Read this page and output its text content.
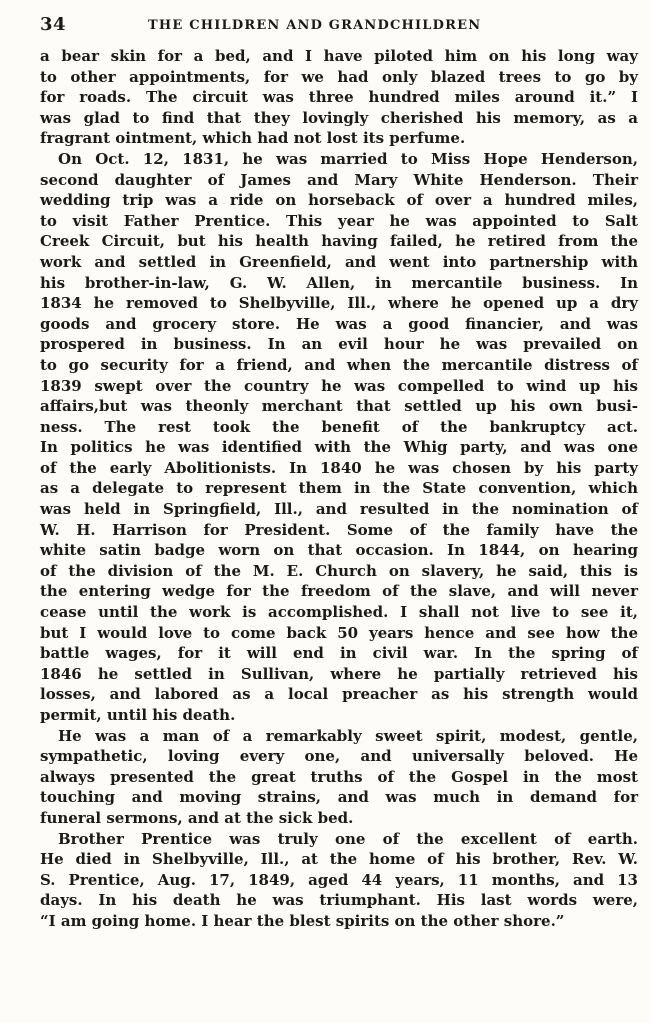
34	THE CHILDREN AND GRANDCHILDREN
a bear skin for a bed, and I have piloted him on his long way
to other appointments, for we had only blazed trees to go by
for roads. The circuit was three hundred miles around it.” I
was glad to find that they lovingly cherished his memory, as a
fragrant ointment, which had not lost its perfume.
On Oct. 12, 1831, he was married to Miss Hope Henderson,
second daughter of James and Mary White Henderson. Their
wedding trip was a ride on horseback of over a hundred miles,
to visit Father Prentice. This year he was appointed to Salt
Creek Circuit, but his health having failed, he retired from the
work and settled in Greenfield, and went into partnership with
his brother-in-law, G. W. Allen, in mercantile business. In
1834 he removed to Shelbyville, Ill., where he opened up a dry
goods and grocery store. He was a good financier, and was
prospered in business. In an evil hour he was prevailed on
to go security for a friend, and when the mercantile distress of
1839 swept over the country he was compelled to wind up his
affairs,but was theonly merchant that settled up his own busi-
ness. The rest took the benefit of the bankruptcy act.
In politics he was identified with the Whig party, and was one
of the early Abolitionists. In 1840 he was chosen by his party
as a delegate to represent them in the State convention, which
was held in Springfield, Ill., and resulted in the nomination of
W. H. Harrison for President. Some of the family have the
white satin badge worn on that occasion. In 1844, on hearing
of the division of the M. E. Church on slavery, he said, this is
the entering wedge for the freedom of the slave, and will never
cease until the work is accomplished. I shall not live to see it,
but I would love to come back 50 years hence and see how the
battle wages, for it will end in civil war. In the spring of
1846 he settled in Sullivan, where he partially retrieved his
losses, and labored as a local preacher as his strength would
permit, until his death.
He was a man of a remarkably sweet spirit, modest, gentle,
sympathetic, loving every one, and universally beloved. He
always presented the great truths of the Gospel in the most
touching and moving strains, and was much in demand for
funeral sermons, and at the sick bed.
Brother Prentice was truly one of the excellent of earth.
He died in Shelbyville, Ill., at the home of his brother, Rev. W.
S. Prentice, Aug. 17, 1849, aged 44 years, 11 months, and 13
days. In his death he was triumphant. His last words were,
“I am going home. I hear the blest spirits on the other shore.”
